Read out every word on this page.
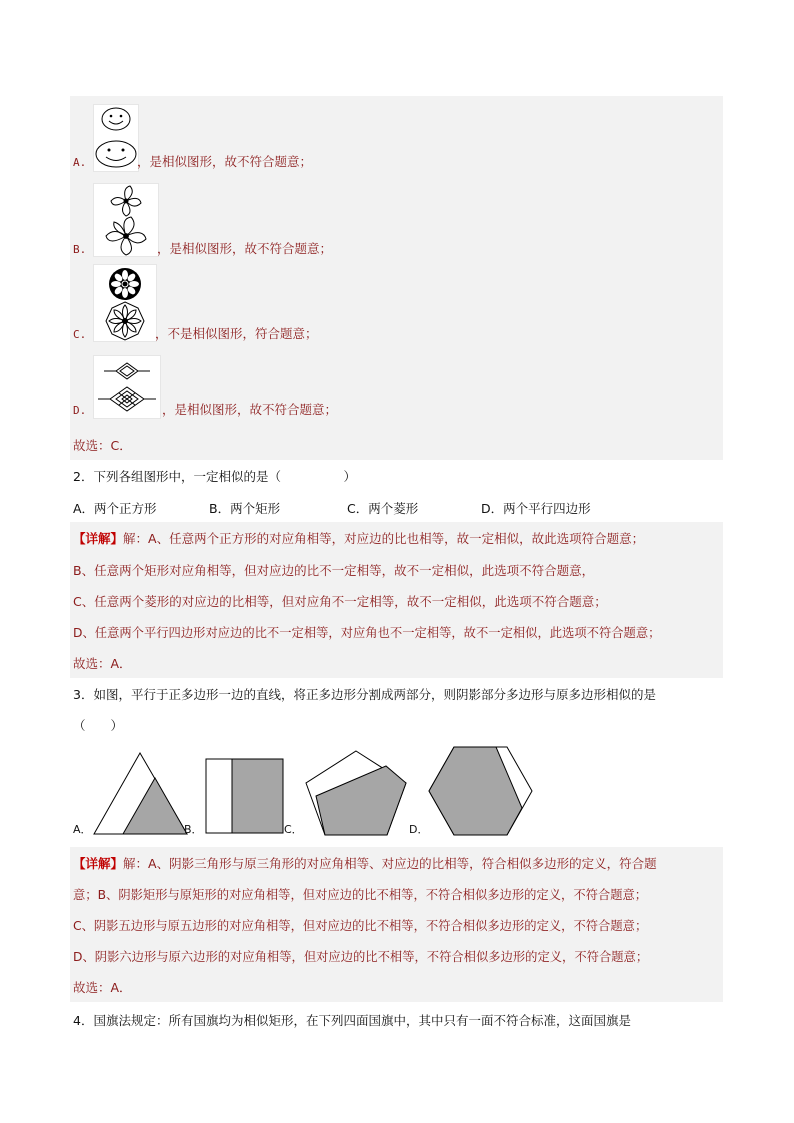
A.	，是相似图形，故不符合题意；
B.	，是相似图形，故不符合题意；
C.	，不是相似图形，符合题意；
D.	，是相似图形，故不符合题意；
故选：C．
2．下列各组图形中，一定相似的是（　　　　　）
A．两个正方形	B．两个矩形	C．两个菱形	D．两个平行四边形
【详解】解：A、任意两个正方形的对应角相等，对应边的比也相等，故一定相似，故此选项符合题意；
B、任意两个矩形对应角相等，但对应边的比不一定相等，故不一定相似，此选项不符合题意，
C、任意两个菱形的对应边的比相等，但对应角不一定相等，故不一定相似，此选项不符合题意；
D、任意两个平行四边形对应边的比不一定相等，对应角也不一定相等，故不一定相似，此选项不符合题意；
故选：A．
3．如图，平行于正多边形一边的直线，将正多边形分割成两部分，则阴影部分多边形与原多边形相似的是
（　　）
A．	B．	C．	D．
【详解】解：A、阴影三角形与原三角形的对应角相等、对应边的比相等，符合相似多边形的定义，符合题
意；B、阴影矩形与原矩形的对应角相等，但对应边的比不相等，不符合相似多边形的定义，不符合题意；
C、阴影五边形与原五边形的对应角相等，但对应边的比不相等，不符合相似多边形的定义，不符合题意；
D、阴影六边形与原六边形的对应角相等，但对应边的比不相等，不符合相似多边形的定义，不符合题意；
故选：A．
4．国旗法规定：所有国旗均为相似矩形，在下列四面国旗中，其中只有一面不符合标准，这面国旗是
